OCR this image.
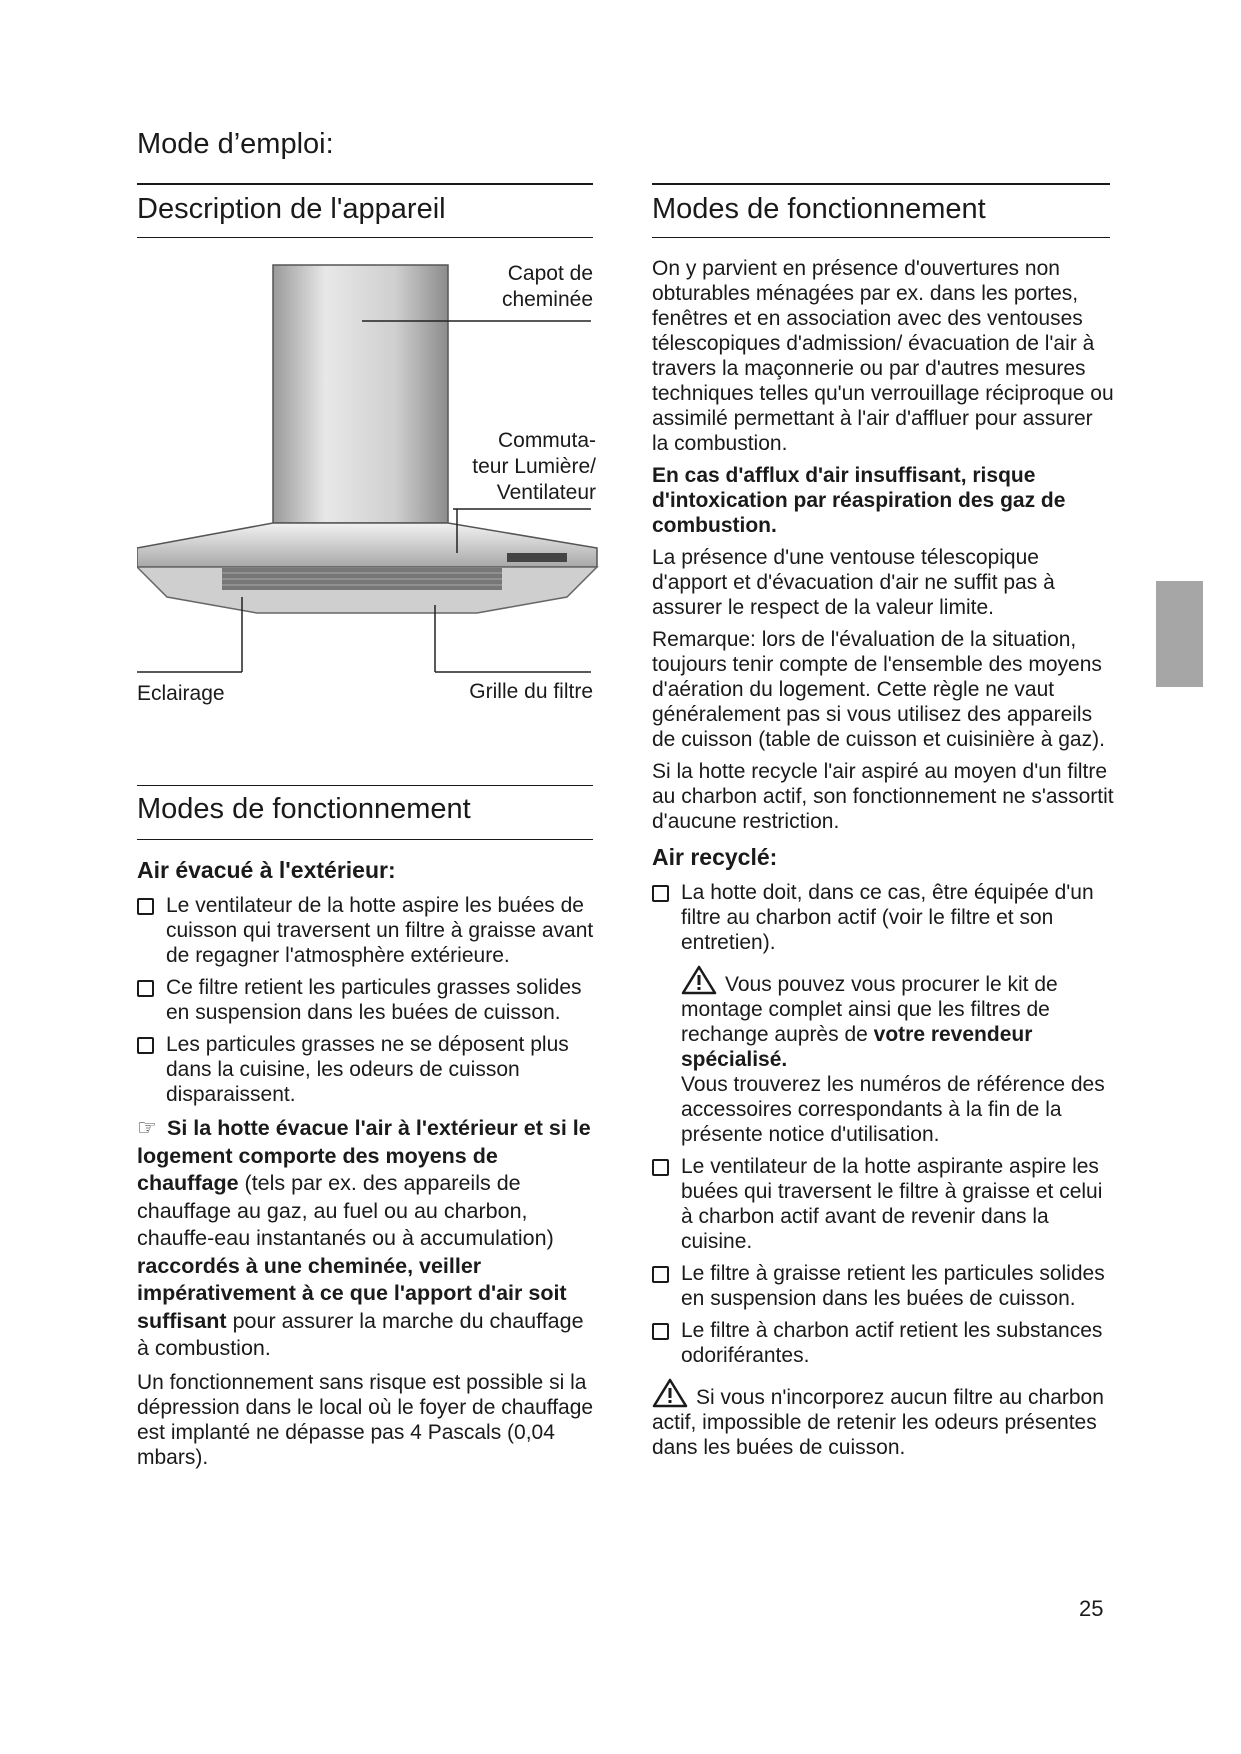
Mode d’emploi:
Description de l'appareil
Capot de cheminée
Commuta-
teur Lumière/
Ventilateur
Eclairage	Grille du filtre
Modes de fonctionnement
Air évacué à l'extérieur:
Le ventilateur de la hotte aspire les buées de cuisson qui traversent un filtre à graisse avant de regagner l'atmosphère extérieure.
Ce filtre retient les particules grasses solides en suspension dans les buées de cuisson.
Les particules grasses ne se déposent plus dans la cuisine, les odeurs de cuisson disparaissent.

☞ Si la hotte évacue l'air à l'extérieur et si le logement comporte des moyens de chauffage (tels par ex. des appareils de chauffage au gaz, au fuel ou au charbon, chauffe-eau instantanés ou à accumulation) raccordés à une cheminée, veiller impérativement à ce que l'apport d'air soit suffisant pour assurer la marche du chauffage à combustion.

Un fonctionnement sans risque est possible si la dépression dans le local où le foyer de chauffage est implanté ne dépasse pas 4 Pascals (0,04 mbars).

Modes de fonctionnement

On y parvient en présence d'ouvertures non obturables ménagées par ex. dans les portes, fenêtres et en association avec des ventouses télescopiques d'admission/ évacuation de l'air à travers la maçonnerie ou par d'autres mesures techniques telles qu'un verrouillage réciproque ou assimilé permettant à l'air d'affluer pour assurer la combustion.

En cas d'afflux d'air insuffisant, risque d'intoxication par réaspiration des gaz de combustion.

La présence d'une ventouse télescopique d'apport et d'évacuation d'air ne suffit pas à assurer le respect de la valeur limite.

Remarque: lors de l'évaluation de la situation, toujours tenir compte de l'ensemble des moyens d'aération du logement. Cette règle ne vaut généralement pas si vous utilisez des appareils de cuisson (table de cuisson et cuisinière à gaz).

Si la hotte recycle l'air aspiré au moyen d'un filtre au charbon actif, son fonctionnement ne s'assortit d'aucune restriction.

Air recyclé:
La hotte doit, dans ce cas, être équipée d'un filtre au charbon actif (voir le filtre et son entretien).
Vous pouvez vous procurer le kit de montage complet ainsi que les filtres de rechange auprès de votre revendeur spécialisé.
Vous trouverez les numéros de référence des accessoires correspondants à la fin de la présente notice d'utilisation.
Le ventilateur de la hotte aspirante aspire les buées qui traversent le filtre à graisse et celui à charbon actif avant de revenir dans la cuisine.
Le filtre à graisse retient les particules solides en suspension dans les buées de cuisson.
Le filtre à charbon actif retient les substances odoriférantes.
Si vous n'incorporez aucun filtre au charbon actif, impossible de retenir les odeurs présentes dans les buées de cuisson.
25
